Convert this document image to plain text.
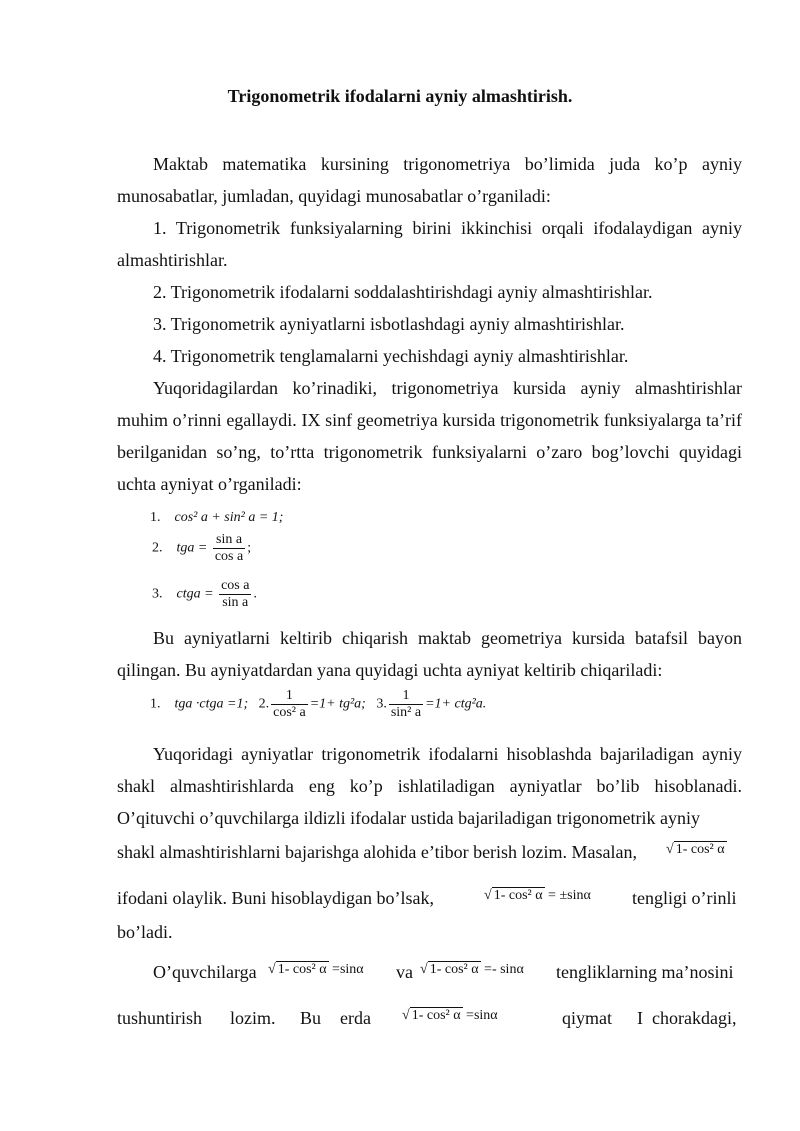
Trigonometrik ifodalarni ayniy almashtirish.
Maktab matematika kursining trigonometriya bo’limida juda ko’p ayniy munosabatlar, jumladan, quyidagi munosabatlar o’rganiladi:
1. Trigonometrik funksiyalarning birini ikkinchisi orqali ifodalaydigan ayniy almashtirishlar.
2. Trigonometrik ifodalarni soddalashtirishdagi ayniy almashtirishlar.
3. Trigonometrik ayniyatlarni isbotlashdagi ayniy almashtirishlar.
4. Trigonometrik tenglamalarni yechishdagi ayniy almashtirishlar.
Yuqoridagilardan ko’rinadiki, trigonometriya kursida ayniy almashtirishlar muhim o’rinni egallaydi. IX sinf geometriya kursida trigonometrik funksiyalarga ta’rif berilganidan so’ng, to’rtta trigonometrik funksiyalarni o’zaro bog’lovchi quyidagi uchta ayniyat o’rganiladi:
1. cos² a + sin² a = 1;
2. tga = $\frac{\text{sin a}}{\text{cos a}}$ ;
3. ctga = $\frac{\text{cos a}}{\text{sin a}}$ .
Bu ayniyatlarni keltirib chiqarish maktab geometriya kursida batafsil bayon qilingan. Bu ayniyatdardan yana quyidagi uchta ayniyat keltirib chiqariladi:
1. tga ·ctga =1; 2. $\frac{1}{\text{cos² a}} =1+ tg^2a$; 3. $\frac{1}{\text{sin² a}} =1+ ctg^2a$.
Yuqoridagi ayniyatlar trigonometrik ifodalarni hisoblashda bajariladigan ayniy shakl almashtirishlarda eng ko’p ishlatiladigan ayniyatlar bo’lib hisoblanadi. O’qituvchi o’quvchilarga ildizli ifodalar ustida bajariladigan trigonometrik ayniy
shakl almashtirishlarni bajarishga alohida e’tibor berish lozim. Masalan, √ 1- cos² α
ifodani olaylik. Buni hisoblaydigan bo’lsak,	√ 1- cos² α = ±sinα tengligi o’rinli
bo’ladi.
O’quvchilarga √ 1- cos² α =sinα va √ 1- cos² α =- sinα tengliklarning ma’nosini
tushuntirish lozim. Bu erda √ 1- cos² α =sinα	qiymat I chorakdagi,
